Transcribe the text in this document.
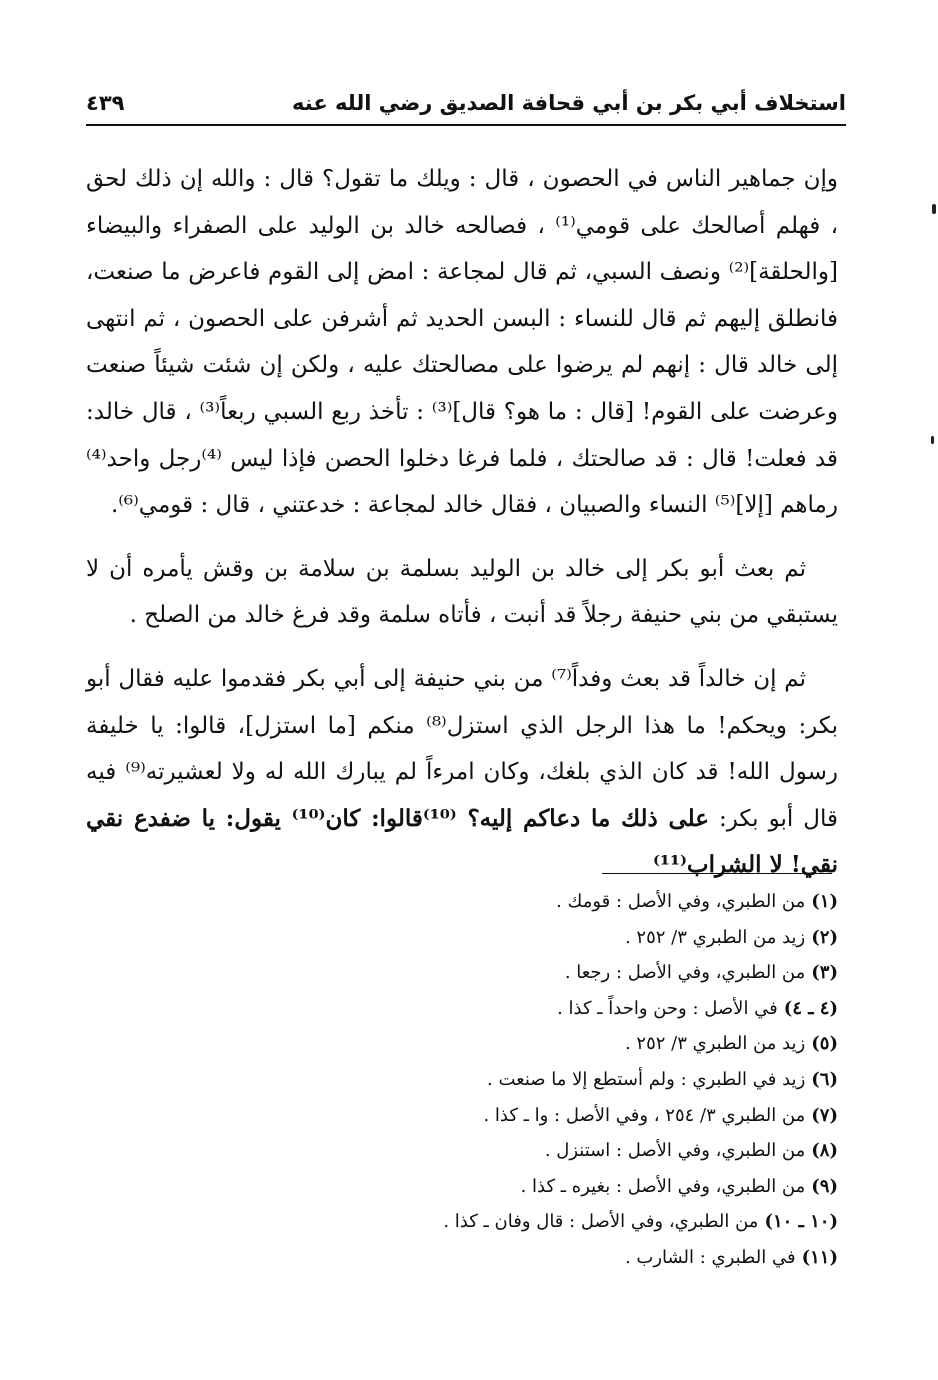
استخلاف أبي بكر بن أبي قحافة الصديق رضي الله عنه
٤٣٩

وإن جماهير الناس في الحصون ، قال : ويلك ما تقول؟ قال : والله إن ذلك لحق ، فهلم أصالحك على قومي⁽¹⁾ ، فصالحه خالد بن الوليد على الصفراء والبيضاء [والحلقة]⁽²⁾ ونصف السبي، ثم قال لمجاعة : امض إلى القوم فاعرض ما صنعت، فانطلق إليهم ثم قال للنساء : البسن الحديد ثم أشرفن على الحصون ، ثم انتهى إلى خالد قال : إنهم لم يرضوا على مصالحتك عليه ، ولكن إن شئت شيئاً صنعت وعرضت على القوم! [قال : ما هو؟ قال]⁽³⁾ : تأخذ ربع السبي ربعاً⁽³⁾ ، قال خالد: قد فعلت! قال : قد صالحتك ، فلما فرغا دخلوا الحصن فإذا ليس ⁽⁴⁾رجل واحد⁽⁴⁾ رماهم [إلا]⁽⁵⁾ النساء والصبيان ، فقال خالد لمجاعة : خدعتني ، قال : قومي⁽⁶⁾.

ثم بعث أبو بكر إلى خالد بن الوليد بسلمة بن سلامة بن وقش يأمره أن لا يستبقي من بني حنيفة رجلاً قد أنبت ، فأتاه سلمة وقد فرغ خالد من الصلح .

ثم إن خالداً قد بعث وفداً⁽⁷⁾ من بني حنيفة إلى أبي بكر فقدموا عليه فقال أبو بكر: ويحكم! ما هذا الرجل الذي استزل⁽⁸⁾ منكم [ما استزل]، قالوا: يا خليفة رسول الله! قد كان الذي بلغك، وكان امرءاً لم يبارك الله له ولا لعشيرته⁽⁹⁾ فيه قال أبو بكر: على ذلك ما دعاكم إليه؟ ⁽¹⁰⁾قالوا: كان⁽¹⁰⁾ يقول: يا ضفدع نقي نقي! لا الشراب⁽¹¹⁾

(١)من الطبري، وفي الأصل : قومك .
(٢)زيد من الطبري ٣/ ٢٥٢ .
(٣)من الطبري، وفي الأصل : رجعا .
(٤ ـ ٤)في الأصل : وحن واحداً ـ كذا .
(٥)زيد من الطبري ٣/ ٢٥٢ .
(٦)زيد في الطبري : ولم أستطع إلا ما صنعت .
(٧)من الطبري ٣/ ٢٥٤ ، وفي الأصل : وا ـ كذا .
(٨)من الطبري، وفي الأصل : استنزل .
(٩)من الطبري، وفي الأصل : بغيره ـ كذا .
(١٠ ـ ١٠)من الطبري، وفي الأصل : قال وفان ـ كذا .
(١١)في الطبري : الشارب .
